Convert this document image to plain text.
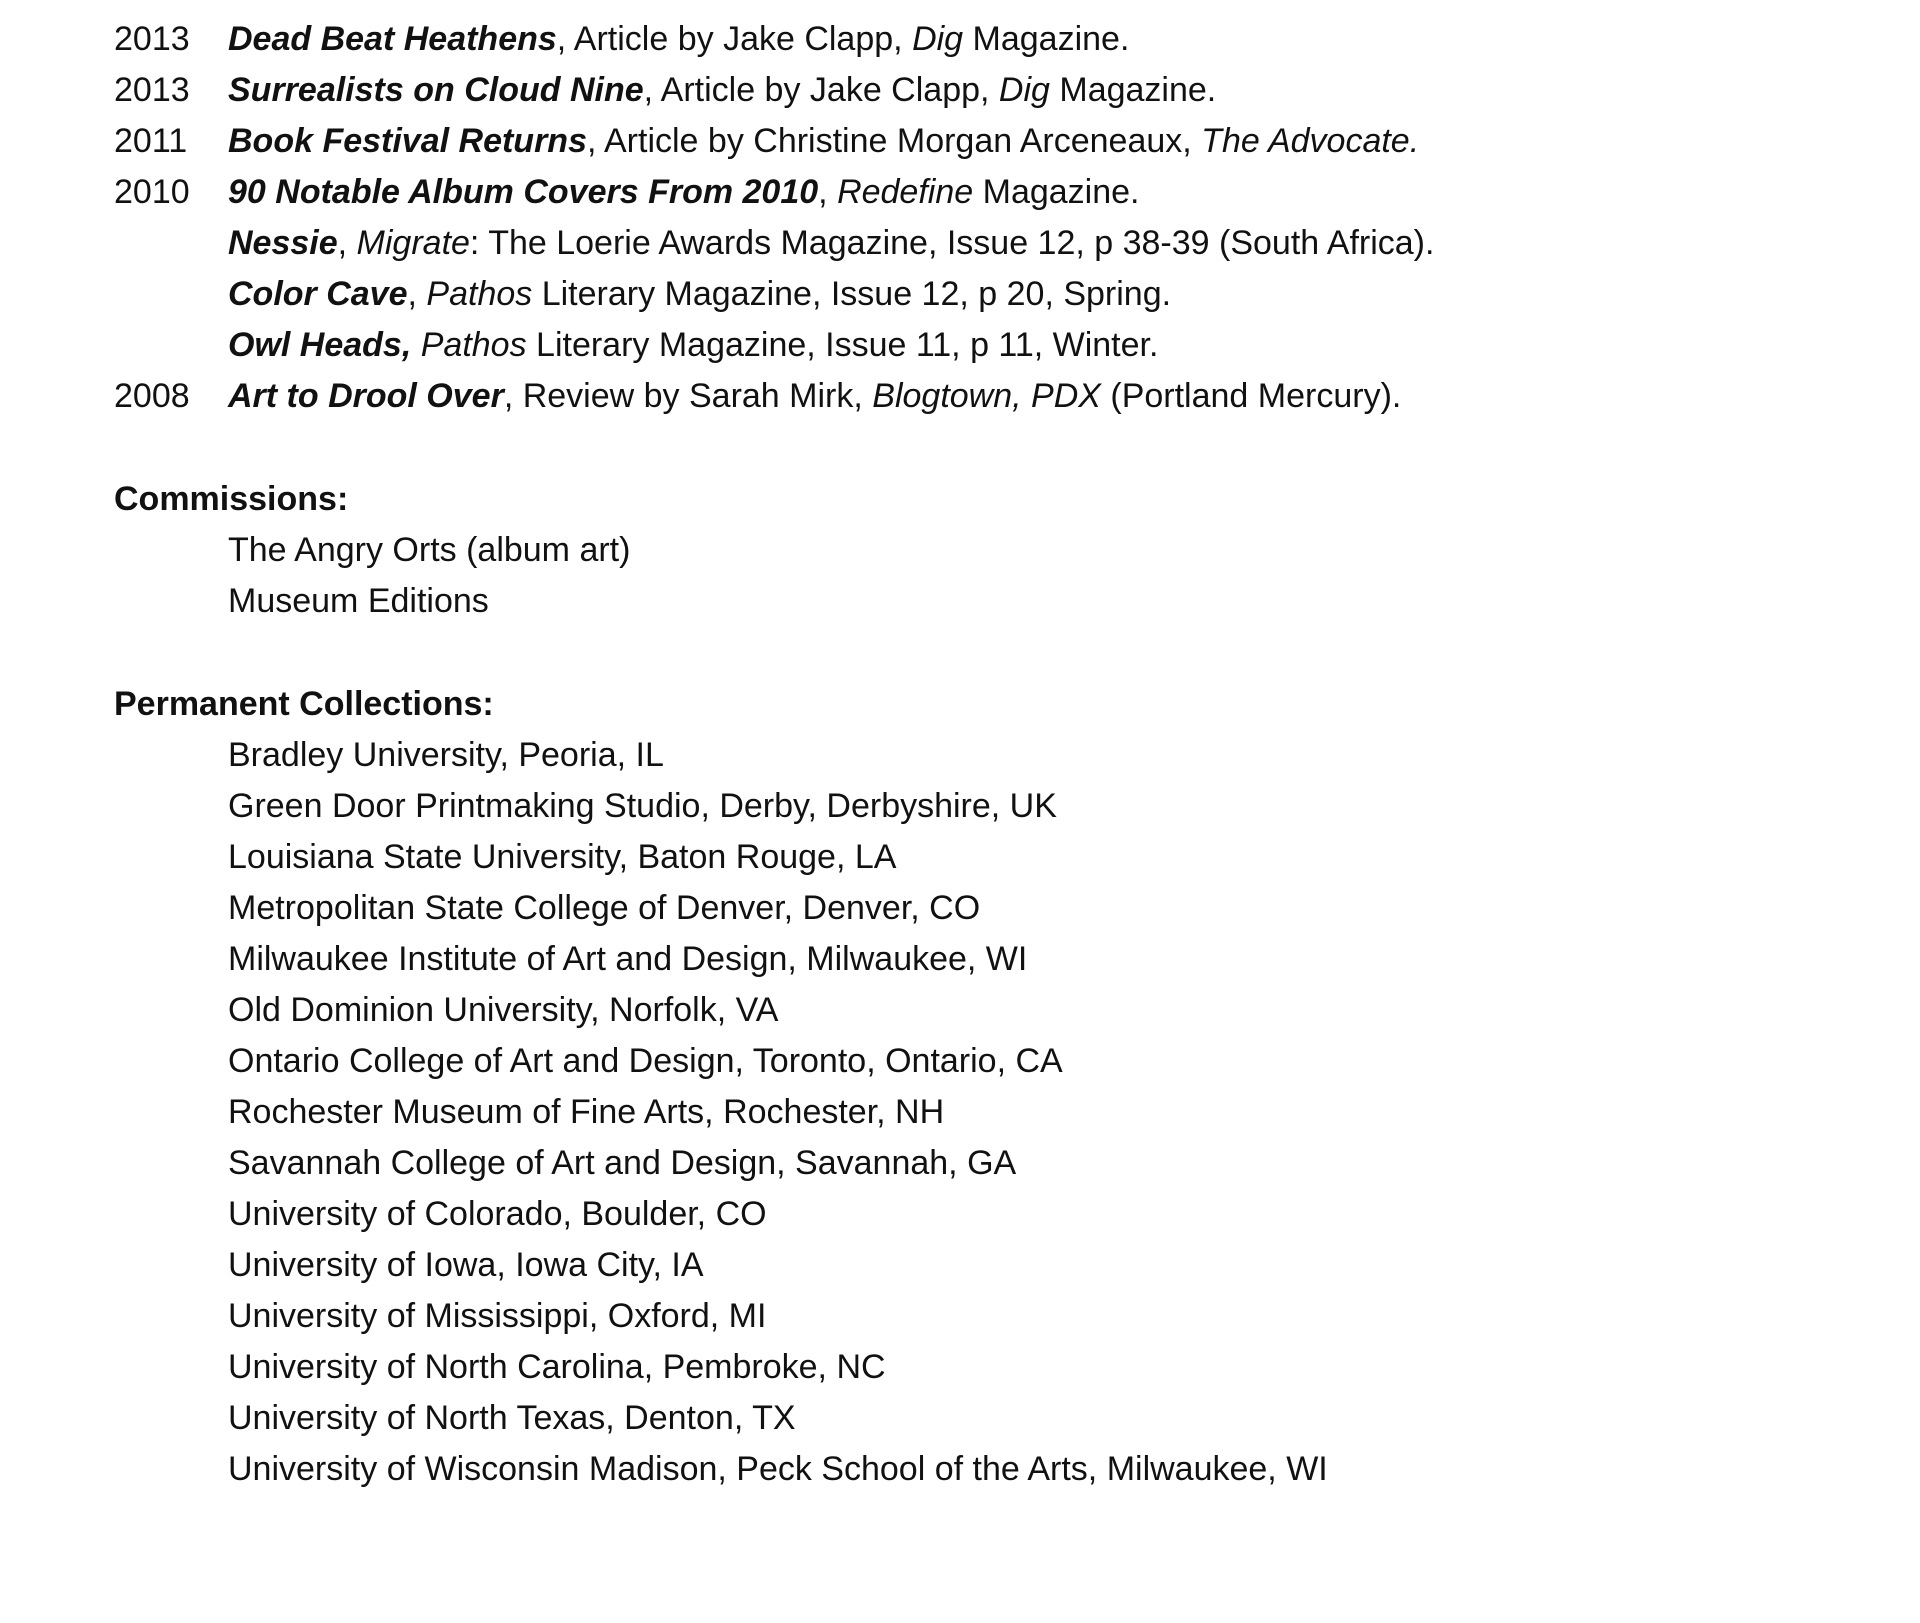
2013	Dead Beat Heathens, Article by Jake Clapp, Dig Magazine.
2013	Surrealists on Cloud Nine, Article by Jake Clapp, Dig Magazine.
2011	Book Festival Returns, Article by Christine Morgan Arceneaux, The Advocate.
2010	90 Notable Album Covers From 2010, Redefine Magazine.
Nessie, Migrate: The Loerie Awards Magazine, Issue 12, p 38-39 (South Africa).
Color Cave, Pathos Literary Magazine, Issue 12, p 20, Spring.
Owl Heads, Pathos Literary Magazine, Issue 11, p 11, Winter.
2008	Art to Drool Over, Review by Sarah Mirk, Blogtown, PDX (Portland Mercury).
Commissions:
The Angry Orts (album art)
Museum Editions
Permanent Collections:
Bradley University, Peoria, IL
Green Door Printmaking Studio, Derby, Derbyshire, UK
Louisiana State University, Baton Rouge, LA
Metropolitan State College of Denver, Denver, CO
Milwaukee Institute of Art and Design, Milwaukee, WI
Old Dominion University, Norfolk, VA
Ontario College of Art and Design, Toronto, Ontario, CA
Rochester Museum of Fine Arts, Rochester, NH
Savannah College of Art and Design, Savannah, GA
University of Colorado, Boulder, CO
University of Iowa, Iowa City, IA
University of Mississippi, Oxford, MI
University of North Carolina, Pembroke, NC
University of North Texas, Denton, TX
University of Wisconsin Madison, Peck School of the Arts, Milwaukee, WI
